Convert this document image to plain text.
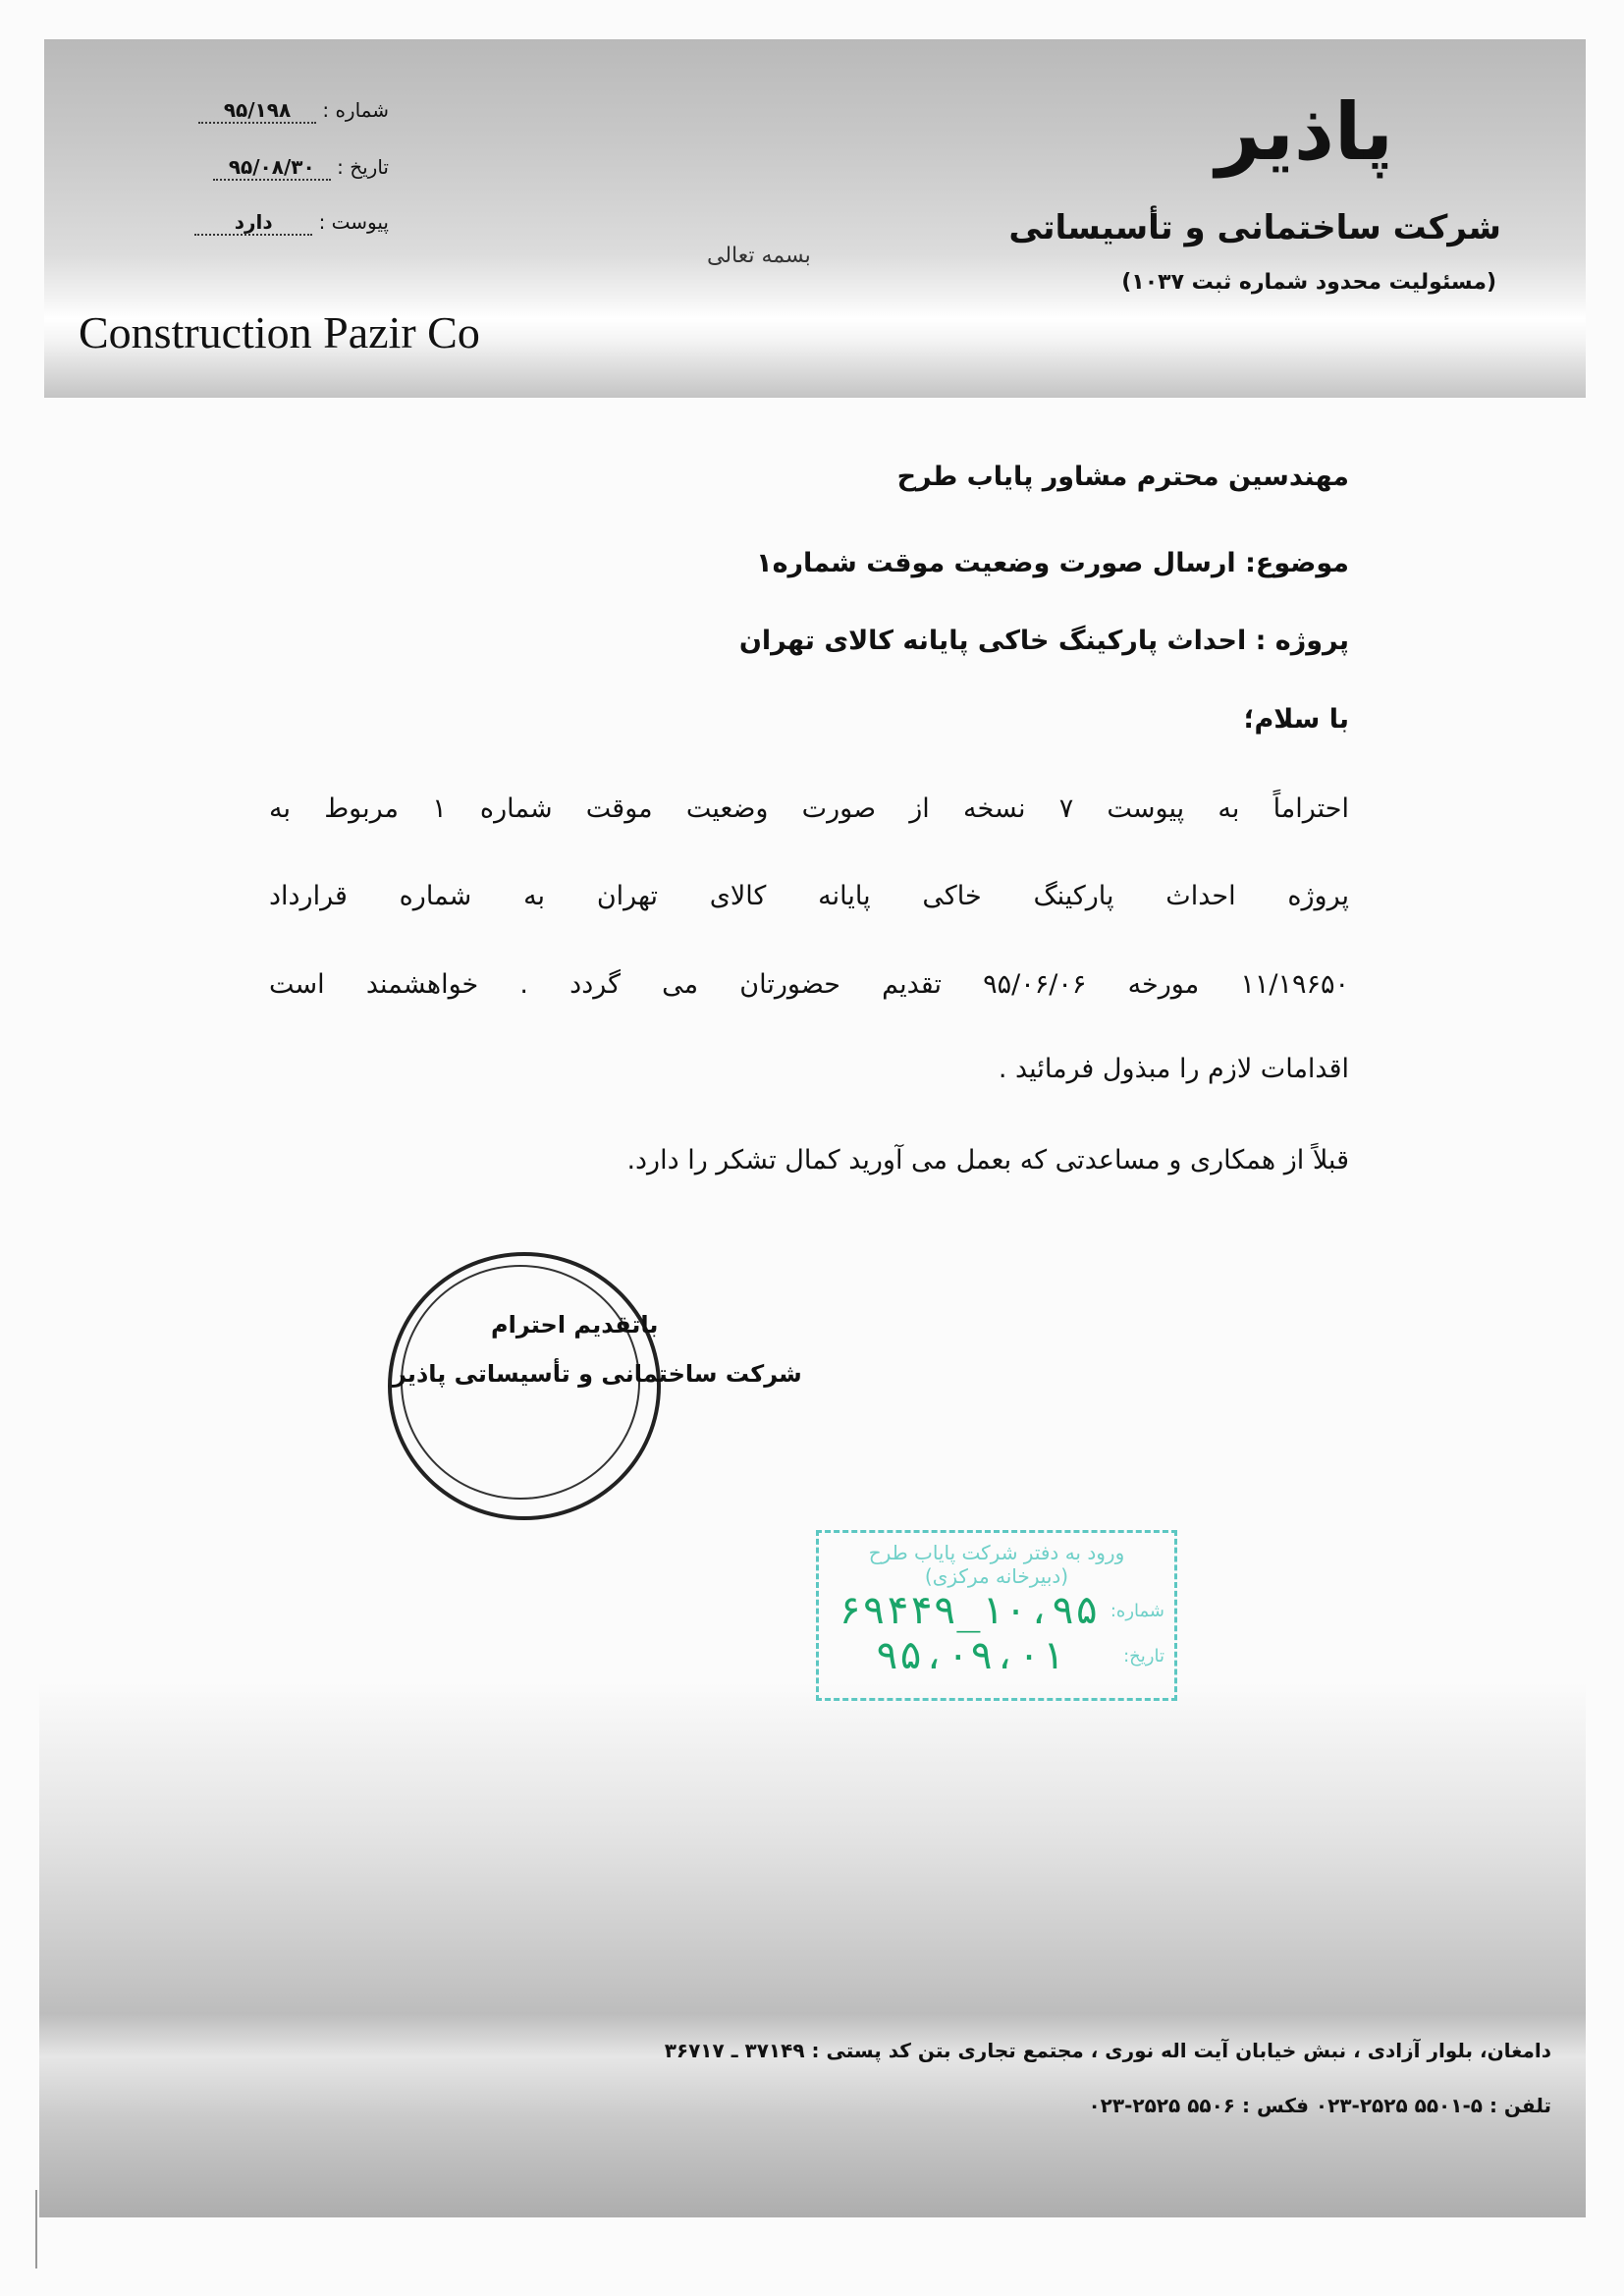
پاذیر
شرکت ساختمانی و تأسیساتی
(مسئولیت محدود شماره ثبت ۱۰۳۷)
بسمه تعالی
Construction Pazir Co
شماره : ۹۵/۱۹۸
تاریخ : ۹۵/۰۸/۳۰
پیوست : دارد
مهندسین محترم مشاور پایاب طرح
موضوع: ارسال صورت وضعیت موقت شماره۱
پروژه : احداث پارکینگ خاکی پایانه کالای تهران
با سلام؛
احتراماً به پیوست ۷ نسخه از صورت وضعیت موقت شماره ۱ مربوط به
پروژه احداث پارکینگ خاکی پایانه کالای تهران به شماره قرارداد
۱۱/۱۹۶۵۰ مورخه ۹۵/۰۶/۰۶ تقدیم حضورتان می گردد . خواهشمند است
اقدامات لازم را مبذول فرمائید .
قبلاً از همکاری و مساعدتی که بعمل می آورید کمال تشکر را دارد.
باتقدیم احترام
شرکت ساختمانی و تأسیساتی پاذیر
ورود به دفتر شرکت پایاب طرح
(دبیرخانه مرکزی)
شماره:
۱۰،۹۵_۶۹۴۴۹
تاریخ:
۹۵،۰۹،۰۱
دامغان، بلوار آزادی ، نبش خیابان آیت اله نوری ، مجتمع تجاری بتن کد پستی : ۳۷۱۴۹ ـ ۳۶۷۱۷
تلفن : ۵-۵۵۰۱ ۲۵۲۵-۰۲۳ فکس : ۵۵۰۶ ۲۵۲۵-۰۲۳
